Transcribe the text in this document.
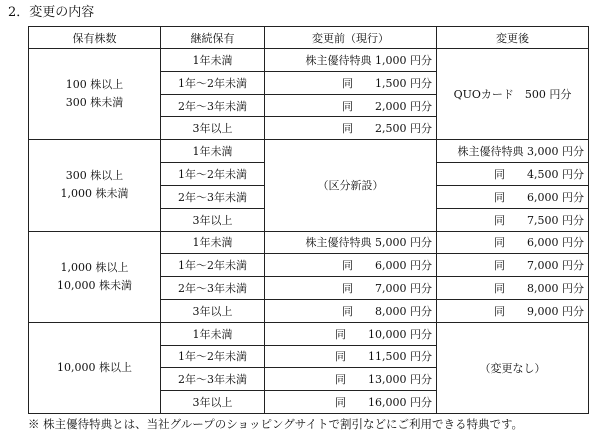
2．変更の内容
保有株数	継続保有	変更前（現行）	変更後

100 株以上
300 株未満	1年未満	株主優待特典 1,000 円分	QUOカード　500 円分
	1年～2年未満	同　　1,500 円分	
	2年～3年未満	同　　2,000 円分	
	3年以上	同　　2,500 円分	

300 株以上
1,000 株未満	1年未満	（区分新設）	株主優待特典 3,000 円分
	1年～2年未満		同　　4,500 円分
	2年～3年未満		同　　6,000 円分
	3年以上		同　　7,500 円分

1,000 株以上
10,000 株未満	1年未満	株主優待特典 5,000 円分	同　　6,000 円分
	1年～2年未満	同　　6,000 円分	同　　7,000 円分
	2年～3年未満	同　　7,000 円分	同　　8,000 円分
	3年以上	同　　8,000 円分	同　　9,000 円分

10,000 株以上	1年未満	同　　10,000 円分	（変更なし）
	1年～2年未満	同　　11,500 円分	
	2年～3年未満	同　　13,000 円分	
	3年以上	同　　16,000 円分	
※ 株主優待特典とは、当社グループのショッピングサイトで割引などにご利用できる特典です。
